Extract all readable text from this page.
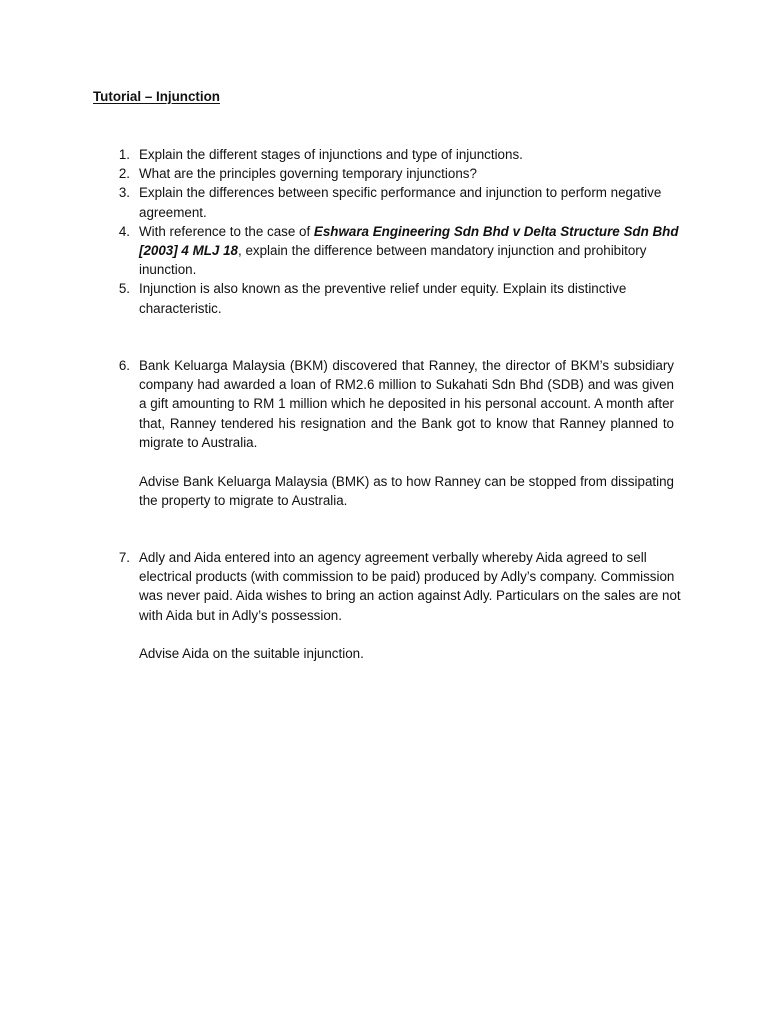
Tutorial – Injunction
1. Explain the different stages of injunctions and type of injunctions.
2. What are the principles governing temporary injunctions?
3. Explain the differences between specific performance and injunction to perform negative agreement.
4. With reference to the case of Eshwara Engineering Sdn Bhd v Delta Structure Sdn Bhd [2003] 4 MLJ 18, explain the difference between mandatory injunction and prohibitory inunction.
5. Injunction is also known as the preventive relief under equity. Explain its distinctive characteristic.
6. Bank Keluarga Malaysia (BKM) discovered that Ranney, the director of BKM’s subsidiary company had awarded a loan of RM2.6 million to Sukahati Sdn Bhd (SDB) and was given a gift amounting to RM 1 million which he deposited in his personal account. A month after that, Ranney tendered his resignation and the Bank got to know that Ranney planned to migrate to Australia.
Advise Bank Keluarga Malaysia (BMK) as to how Ranney can be stopped from dissipating the property to migrate to Australia.
7. Adly and Aida entered into an agency agreement verbally whereby Aida agreed to sell electrical products (with commission to be paid) produced by Adly’s company. Commission was never paid. Aida wishes to bring an action against Adly. Particulars on the sales are not with Aida but in Adly’s possession.
Advise Aida on the suitable injunction.
